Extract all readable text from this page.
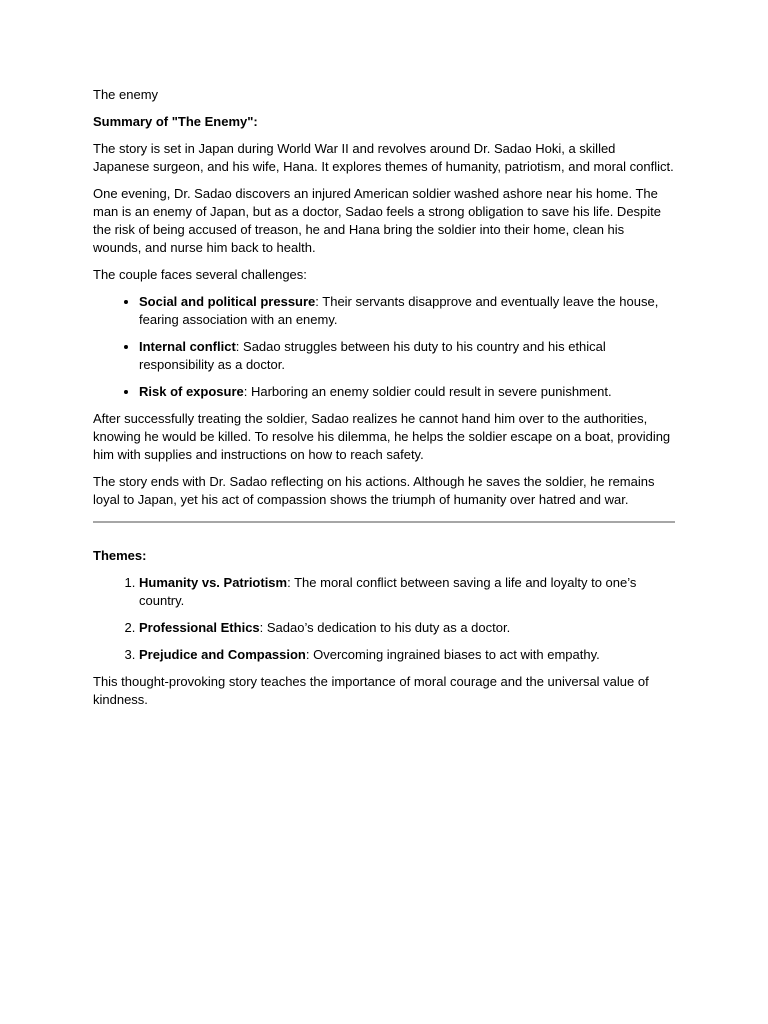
The enemy

Summary of "The Enemy":

The story is set in Japan during World War II and revolves around Dr. Sadao Hoki, a skilled Japanese surgeon, and his wife, Hana. It explores themes of humanity, patriotism, and moral conflict.

One evening, Dr. Sadao discovers an injured American soldier washed ashore near his home. The man is an enemy of Japan, but as a doctor, Sadao feels a strong obligation to save his life. Despite the risk of being accused of treason, he and Hana bring the soldier into their home, clean his wounds, and nurse him back to health.

The couple faces several challenges:

• Social and political pressure: Their servants disapprove and eventually leave the house, fearing association with an enemy.
• Internal conflict: Sadao struggles between his duty to his country and his ethical responsibility as a doctor.
• Risk of exposure: Harboring an enemy soldier could result in severe punishment.

After successfully treating the soldier, Sadao realizes he cannot hand him over to the authorities, knowing he would be killed. To resolve his dilemma, he helps the soldier escape on a boat, providing him with supplies and instructions on how to reach safety.

The story ends with Dr. Sadao reflecting on his actions. Although he saves the soldier, he remains loyal to Japan, yet his act of compassion shows the triumph of humanity over hatred and war.

Themes:

1. Humanity vs. Patriotism: The moral conflict between saving a life and loyalty to one’s country.
2. Professional Ethics: Sadao’s dedication to his duty as a doctor.
3. Prejudice and Compassion: Overcoming ingrained biases to act with empathy.

This thought-provoking story teaches the importance of moral courage and the universal value of kindness.
